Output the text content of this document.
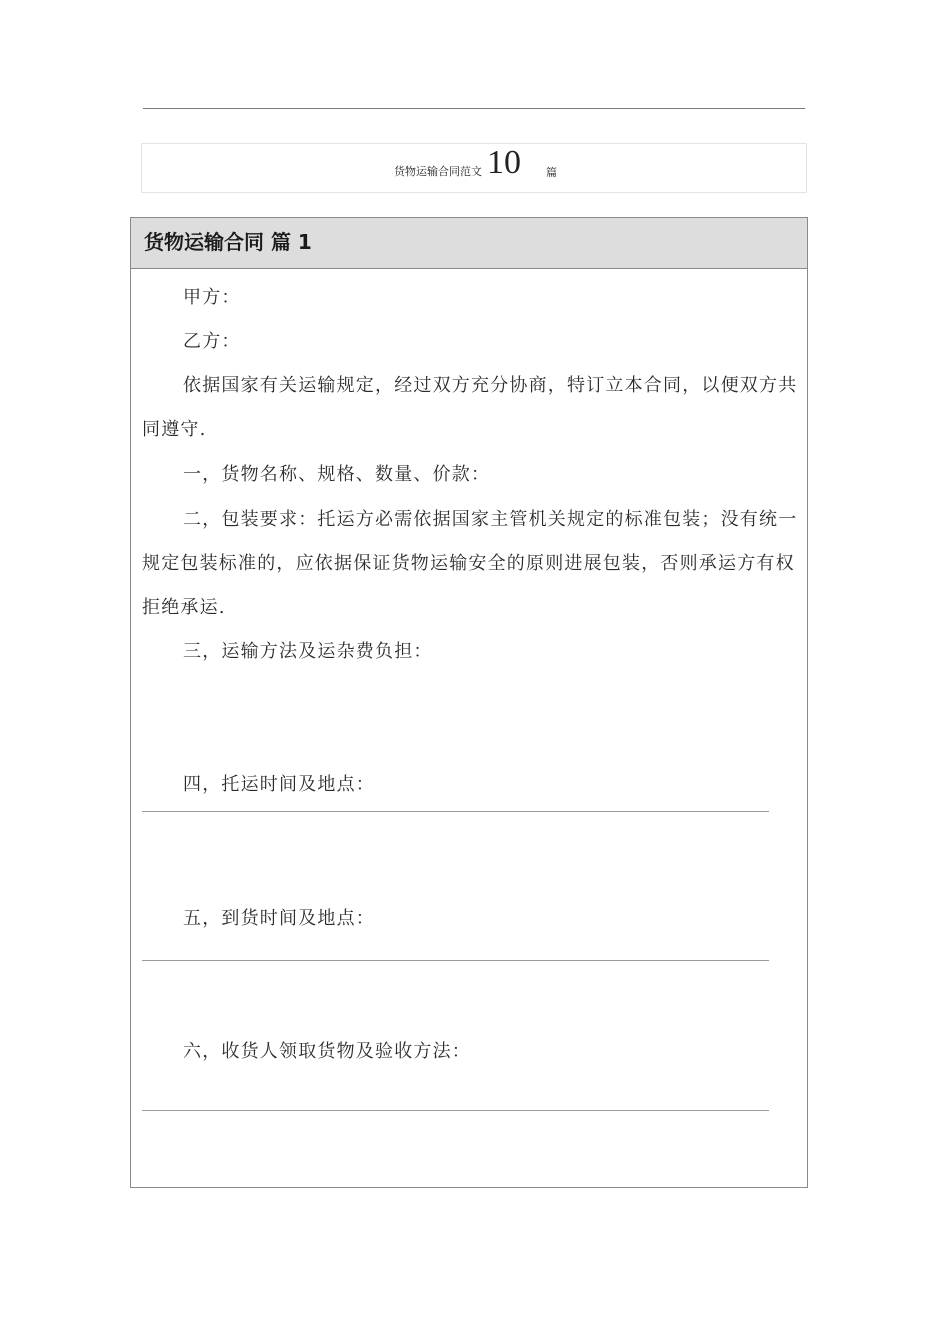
货物运输合同范文 10 篇
货物运输合同 篇 1
甲方：
乙方：
依据国家有关运输规定，经过双方充分协商，特订立本合同，以便双方共同遵守.
一，货物名称、规格、数量、价款：
二，包装要求：托运方必需依据国家主管机关规定的标准包装；没有统一规定包装标准的，应依据保证货物运输安全的原则进展包装，否则承运方有权拒绝承运.
三，运输方法及运杂费负担：
四，托运时间及地点：
五，到货时间及地点：
六，收货人领取货物及验收方法：
